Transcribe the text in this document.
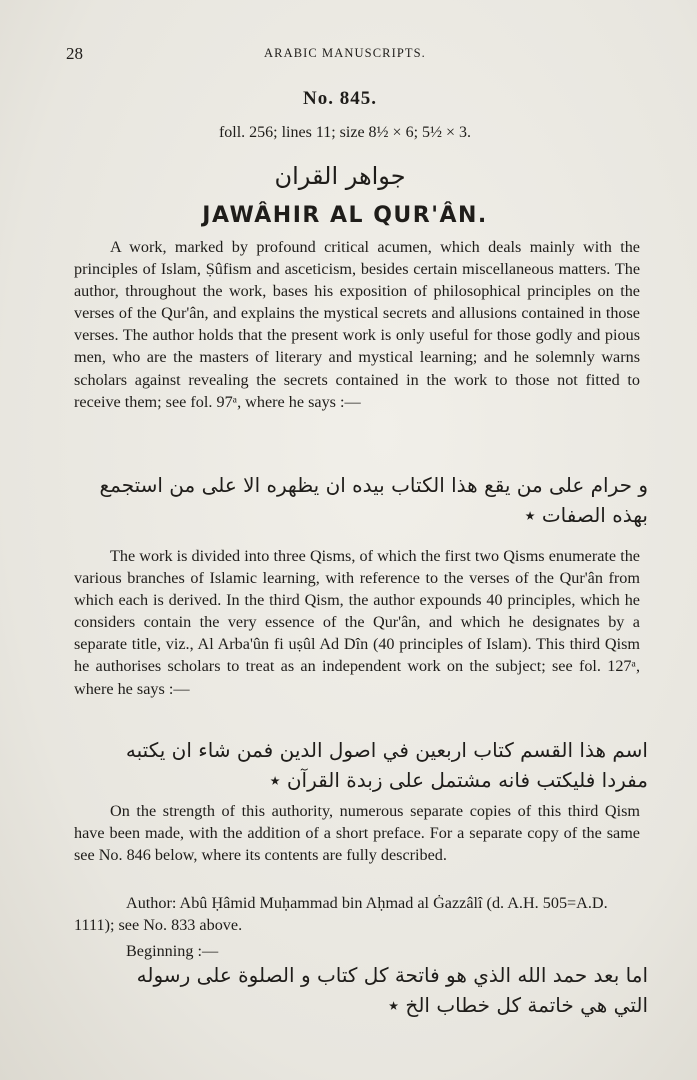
28	ARABIC MANUSCRIPTS.
No. 845.
foll. 256; lines 11; size 8½ × 6; 5½ × 3.
جواهر القران
JAWÂHIR AL QUR'ÂN.
A work, marked by profound critical acumen, which deals mainly with the principles of Islam, Ṣûfism and asceticism, besides certain miscellaneous matters. The author, throughout the work, bases his exposition of philosophical principles on the verses of the Qur'ân, and explains the mystical secrets and allusions contained in those verses. The author holds that the present work is only useful for those godly and pious men, who are the masters of literary and mystical learning; and he solemnly warns scholars against revealing the secrets contained in the work to those not fitted to receive them; see fol. 97ᵃ, where he says :—
و حرام على من يقع هذا الكتاب بيده ان يظهره الا على من استجمع
بهذه الصفات ٭
The work is divided into three Qisms, of which the first two Qisms enumerate the various branches of Islamic learning, with reference to the verses of the Qur'ân from which each is derived. In the third Qism, the author expounds 40 principles, which he considers contain the very essence of the Qur'ân, and which he designates by a separate title, viz., Al Arba'ûn fi uṣûl Ad Dîn (40 principles of Islam). This third Qism he authorises scholars to treat as an independent work on the subject; see fol. 127ᵃ, where he says :—
اسم هذا القسم كتاب اربعين في اصول الدين فمن شاء ان يكتبه
مفردا فليكتب فانه مشتمل على زبدة القرآن ٭
On the strength of this authority, numerous separate copies of this third Qism have been made, with the addition of a short preface. For a separate copy of the same see No. 846 below, where its contents are fully described.
Author: Abû Ḥâmid Muḥammad bin Aḥmad al Ġazzâlî (d. A.H. 505=A.D. 1111); see No. 833 above.
Beginning :—
اما بعد حمد الله الذي هو فاتحة كل كتاب و الصلوة على رسوله
التي هي خاتمة كل خطاب الخ ٭
